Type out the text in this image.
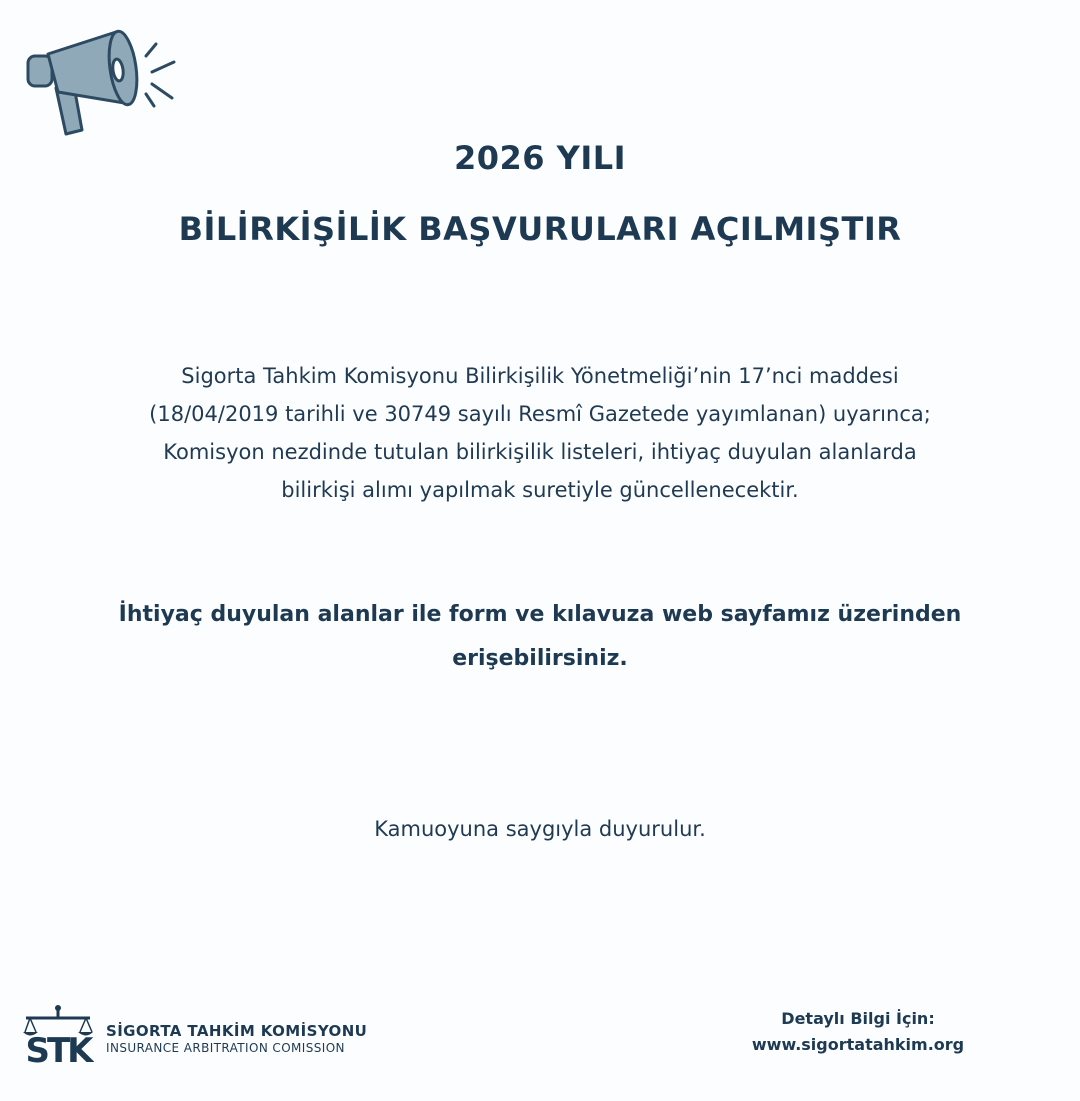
2026 YILI

BİLİRKİŞİLİK BAŞVURULARI AÇILMIŞTIR

Sigorta Tahkim Komisyonu Bilirkişilik Yönetmeliği’nin 17’nci maddesi
(18/04/2019 tarihli ve 30749 sayılı Resmî Gazetede yayımlanan) uyarınca;
Komisyon nezdinde tutulan bilirkişilik listeleri, ihtiyaç duyulan alanlarda
bilirkişi alımı yapılmak suretiyle güncellenecektir.

İhtiyaç duyulan alanlar ile form ve kılavuza web sayfamız üzerinden
erişebilirsiniz.

Kamuoyuna saygıyla duyurulur.

STK	SİGORTA TAHKİM KOMİSYONU
INSURANCE ARBITRATION COMISSION
Detaylı Bilgi İçin:
www.sigortatahkim.org
